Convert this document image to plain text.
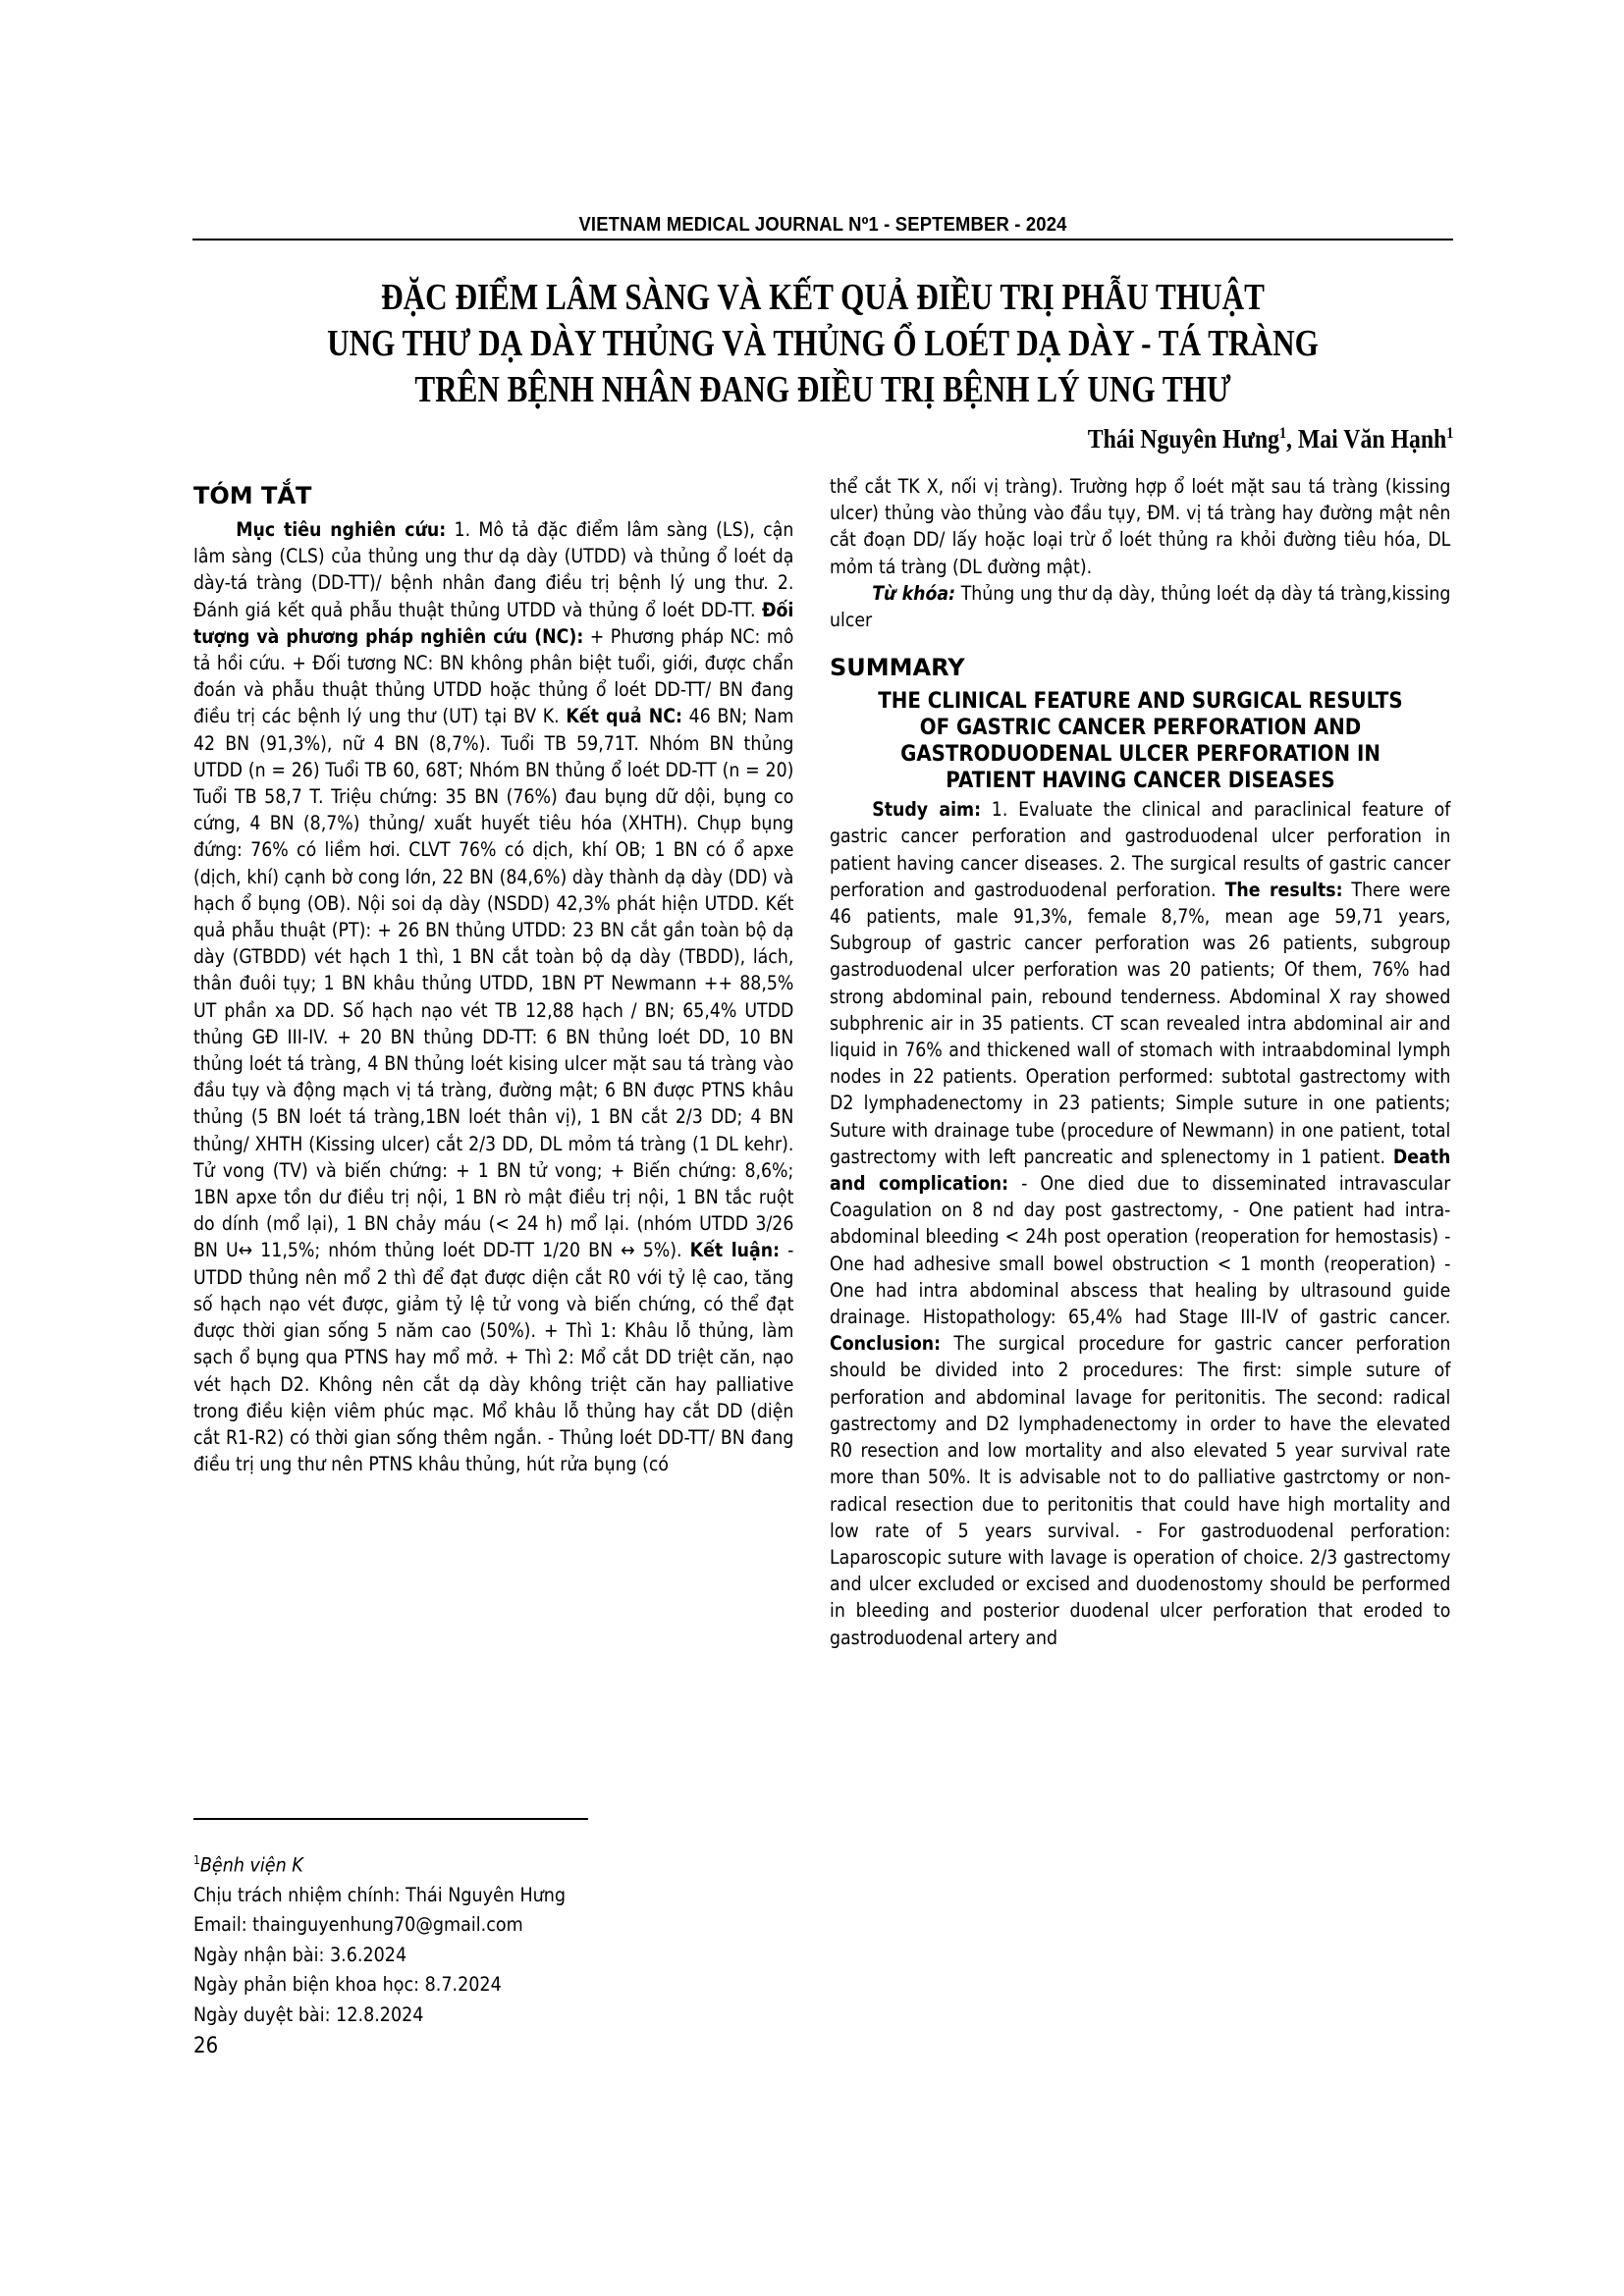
VIETNAM MEDICAL JOURNAL Nº1 - SEPTEMBER - 2024
ĐẶC ĐIỂM LÂM SÀNG VÀ KẾT QUẢ ĐIỀU TRỊ PHẪU THUẬT
UNG THƯ DẠ DÀY THỦNG VÀ THỦNG Ổ LOÉT DẠ DÀY - TÁ TRÀNG
TRÊN BỆNH NHÂN ĐANG ĐIỀU TRỊ BỆNH LÝ UNG THƯ
Thái Nguyên Hưng$^1$, Mai Văn Hạnh$^1$
TÓM TẮT

Mục tiêu nghiên cứu: 1. Mô tả đặc điểm lâm sàng (LS), cận lâm sàng (CLS) của thủng ung thư dạ dày (UTDD) và thủng ổ loét dạ dày-tá tràng (DD-TT)/ bệnh nhân đang điều trị bệnh lý ung thư. 2. Đánh giá kết quả phẫu thuật thủng UTDD và thủng ổ loét DD-TT. Đối tượng và phương pháp nghiên cứu (NC): + Phương pháp NC: mô tả hồi cứu. + Đối tương NC: BN không phân biệt tuổi, giới, được chẩn đoán và phẫu thuật thủng UTDD hoặc thủng ổ loét DD-TT/ BN đang điều trị các bệnh lý ung thư (UT) tại BV K. Kết quả NC: 46 BN; Nam 42 BN (91,3%), nữ 4 BN (8,7%). Tuổi TB 59,71T. Nhóm BN thủng UTDD (n = 26) Tuổi TB 60, 68T; Nhóm BN thủng ổ loét DD-TT (n = 20) Tuổi TB 58,7 T. Triệu chứng: 35 BN (76%) đau bụng dữ dội, bụng co cứng, 4 BN (8,7%) thủng/ xuất huyết tiêu hóa (XHTH). Chụp bụng đứng: 76% có liềm hơi. CLVT 76% có dịch, khí OB; 1 BN có ổ apxe (dịch, khí) cạnh bờ cong lớn, 22 BN (84,6%) dày thành dạ dày (DD) và hạch ổ bụng (OB). Nội soi dạ dày (NSDD) 42,3% phát hiện UTDD. Kết quả phẫu thuật (PT): + 26 BN thủng UTDD: 23 BN cắt gần toàn bộ dạ dày (GTBDD) vét hạch 1 thì, 1 BN cắt toàn bộ dạ dày (TBDD), lách, thân đuôi tụy; 1 BN khâu thủng UTDD, 1BN PT Newmann ++ 88,5% UT phần xa DD. Số hạch nạo vét TB 12,88 hạch / BN; 65,4% UTDD thủng GĐ III-IV. + 20 BN thủng DD-TT: 6 BN thủng loét DD, 10 BN thủng loét tá tràng, 4 BN thủng loét kising ulcer mặt sau tá tràng vào đầu tụy và động mạch vị tá tràng, đường mật; 6 BN được PTNS khâu thủng (5 BN loét tá tràng,1BN loét thân vị), 1 BN cắt 2/3 DD; 4 BN thủng/ XHTH (Kissing ulcer) cắt 2/3 DD, DL mỏm tá tràng (1 DL kehr). Tử vong (TV) và biến chứng: + 1 BN tử vong; + Biến chứng: 8,6%; 1BN apxe tồn dư điều trị nội, 1 BN rò mật điều trị nội, 1 BN tắc ruột do dính (mổ lại), 1 BN chảy máu (< 24 h) mổ lại. (nhóm UTDD 3/26 BN U↔ 11,5%; nhóm thủng loét DD-TT 1/20 BN ↔ 5%). Kết luận: - UTDD thủng nên mổ 2 thì để đạt được diện cắt R0 với tỷ lệ cao, tăng số hạch nạo vét được, giảm tỷ lệ tử vong và biến chứng, có thể đạt được thời gian sống 5 năm cao (50%). + Thì 1: Khâu lỗ thủng, làm sạch ổ bụng qua PTNS hay mổ mở. + Thì 2: Mổ cắt DD triệt căn, nạo vét hạch D2. Không nên cắt dạ dày không triệt căn hay palliative trong điều kiện viêm phúc mạc. Mổ khâu lỗ thủng hay cắt DD (diện cắt R1-R2) có thời gian sống thêm ngắn. - Thủng loét DD-TT/ BN đang điều trị ung thư nên PTNS khâu thủng, hút rửa bụng (có

$^1$Bệnh viện K
Chịu trách nhiệm chính: Thái Nguyên Hưng
Email: thainguyenhung70@gmail.com
Ngày nhận bài: 3.6.2024
Ngày phản biện khoa học: 8.7.2024
Ngày duyệt bài: 12.8.2024
26

thể cắt TK X, nối vị tràng). Trường hợp ổ loét mặt sau tá tràng (kissing ulcer) thủng vào thủng vào đầu tụy, ĐM. vị tá tràng hay đường mật nên cắt đoạn DD/ lấy hoặc loại trừ ổ loét thủng ra khỏi đường tiêu hóa, DL mỏm tá tràng (DL đường mật).

Từ khóa: Thủng ung thư dạ dày, thủng loét dạ dày tá tràng,kissing ulcer

SUMMARY
THE CLINICAL FEATURE AND SURGICAL RESULTS OF GASTRIC CANCER PERFORATION AND GASTRODUODENAL ULCER PERFORATION IN PATIENT HAVING CANCER DISEASES

Study aim: 1. Evaluate the clinical and paraclinical feature of gastric cancer perforation and gastroduodenal ulcer perforation in patient having cancer diseases. 2. The surgical results of gastric cancer perforation and gastroduodenal perforation. The results: There were 46 patients, male 91,3%, female 8,7%, mean age 59,71 years, Subgroup of gastric cancer perforation was 26 patients, subgroup gastroduodenal ulcer perforation was 20 patients; Of them, 76% had strong abdominal pain, rebound tenderness. Abdominal X ray showed subphrenic air in 35 patients. CT scan revealed intra abdominal air and liquid in 76% and thickened wall of stomach with intraabdominal lymph nodes in 22 patients. Operation performed: subtotal gastrectomy with D2 lymphadenectomy in 23 patients; Simple suture in one patients; Suture with drainage tube (procedure of Newmann) in one patient, total gastrectomy with left pancreatic and splenectomy in 1 patient. Death and complication: - One died due to disseminated intravascular Coagulation on 8 nd day post gastrectomy, - One patient had intra-abdominal bleeding < 24h post operation (reoperation for hemostasis) - One had adhesive small bowel obstruction < 1 month (reoperation) - One had intra abdominal abscess that healing by ultrasound guide drainage. Histopathology: 65,4% had Stage III-IV of gastric cancer. Conclusion: The surgical procedure for gastric cancer perforation should be divided into 2 procedures: The first: simple suture of perforation and abdominal lavage for peritonitis. The second: radical gastrectomy and D2 lymphadenectomy in order to have the elevated R0 resection and low mortality and also elevated 5 year survival rate more than 50%. It is advisable not to do palliative gastrctomy or non-radical resection due to peritonitis that could have high mortality and low rate of 5 years survival. - For gastroduodenal perforation: Laparoscopic suture with lavage is operation of choice. 2/3 gastrectomy and ulcer excluded or excised and duodenostomy should be performed in bleeding and posterior duodenal ulcer perforation that eroded to gastroduodenal artery and
